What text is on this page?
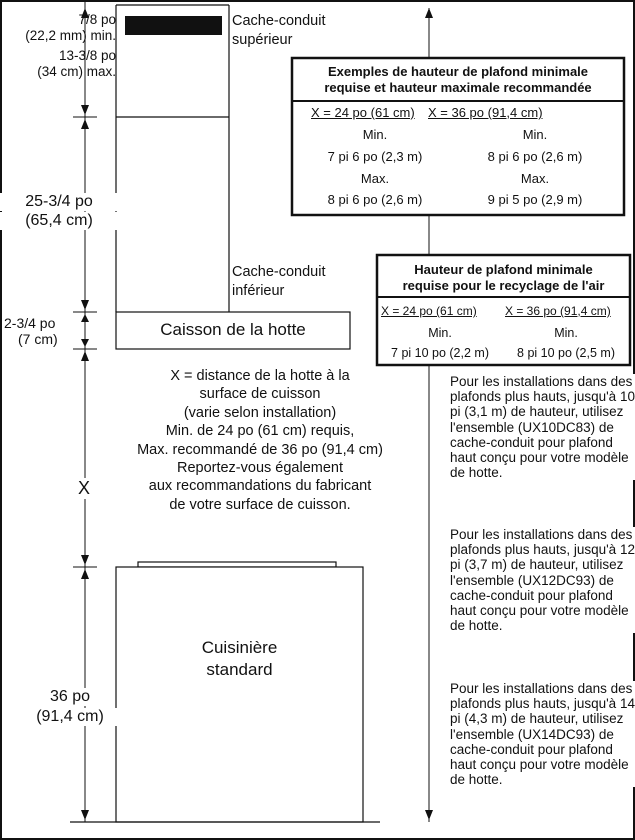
7/8 po
(22,2 mm) min.
13-3/8 po
(34 cm) max.
25-3/4 po
(65,4 cm)
2-3/4 po
(7 cm)
X
36 po
(91,4 cm)
Cache-conduit
supérieur
Cache-conduit
inférieur
Caisson de la hotte
X = distance de la hotte à la
surface de cuisson
(varie selon installation)
Min. de 24 po (61 cm) requis,
Max. recommandé de 36 po (91,4 cm)
Reportez-vous également
aux recommandations du fabricant
de votre surface de cuisson.
Cuisinière
standard
Exemples de hauteur de plafond minimale
requise et hauteur maximale recommandée
X = 24 po (61 cm) X = 36 po (91,4 cm)
Min.	Min.
7 pi 6 po (2,3 m)	8 pi 6 po (2,6 m)
Max.	Max.
8 pi 6 po (2,6 m)	9 pi 5 po (2,9 m)
Hauteur de plafond minimale
requise pour le recyclage de l'air
X = 24 po (61 cm) X = 36 po (91,4 cm)
Min.	Min.
7 pi 10 po (2,2 m)	8 pi 10 po (2,5 m)
Pour les installations dans des plafonds plus hauts, jusqu'à 10 pi (3,1 m) de hauteur, utilisez l'ensemble (UX10DC83) de cache-conduit pour plafond haut conçu pour votre modèle de hotte.
Pour les installations dans des plafonds plus hauts, jusqu'à 12 pi (3,7 m) de hauteur, utilisez l'ensemble (UX12DC93) de cache-conduit pour plafond haut conçu pour votre modèle de hotte.
Pour les installations dans des plafonds plus hauts, jusqu'à 14 pi (4,3 m) de hauteur, utilisez l'ensemble (UX14DC93) de cache-conduit pour plafond haut conçu pour votre modèle de hotte.
